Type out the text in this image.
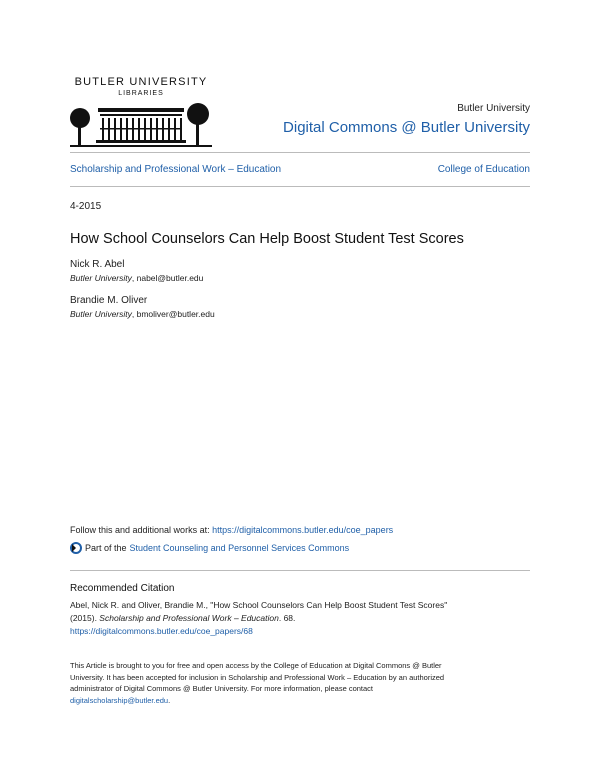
BUTLER UNIVERSITY
LIBRARIES
Butler University
Digital Commons @ Butler University
Scholarship and Professional Work – Education	College of Education
4-2015
How School Counselors Can Help Boost Student Test Scores
Nick R. Abel
Butler University, nabel@butler.edu
Brandie M. Oliver
Butler University, bmoliver@butler.edu
Follow this and additional works at: https://digitalcommons.butler.edu/coe_papers
Part of the Student Counseling and Personnel Services Commons
Recommended Citation
Abel, Nick R. and Oliver, Brandie M., "How School Counselors Can Help Boost Student Test Scores"
(2015). Scholarship and Professional Work – Education. 68.
https://digitalcommons.butler.edu/coe_papers/68
This Article is brought to you for free and open access by the College of Education at Digital Commons @ Butler
University. It has been accepted for inclusion in Scholarship and Professional Work – Education by an authorized
administrator of Digital Commons @ Butler University. For more information, please contact
digitalscholarship@butler.edu.
